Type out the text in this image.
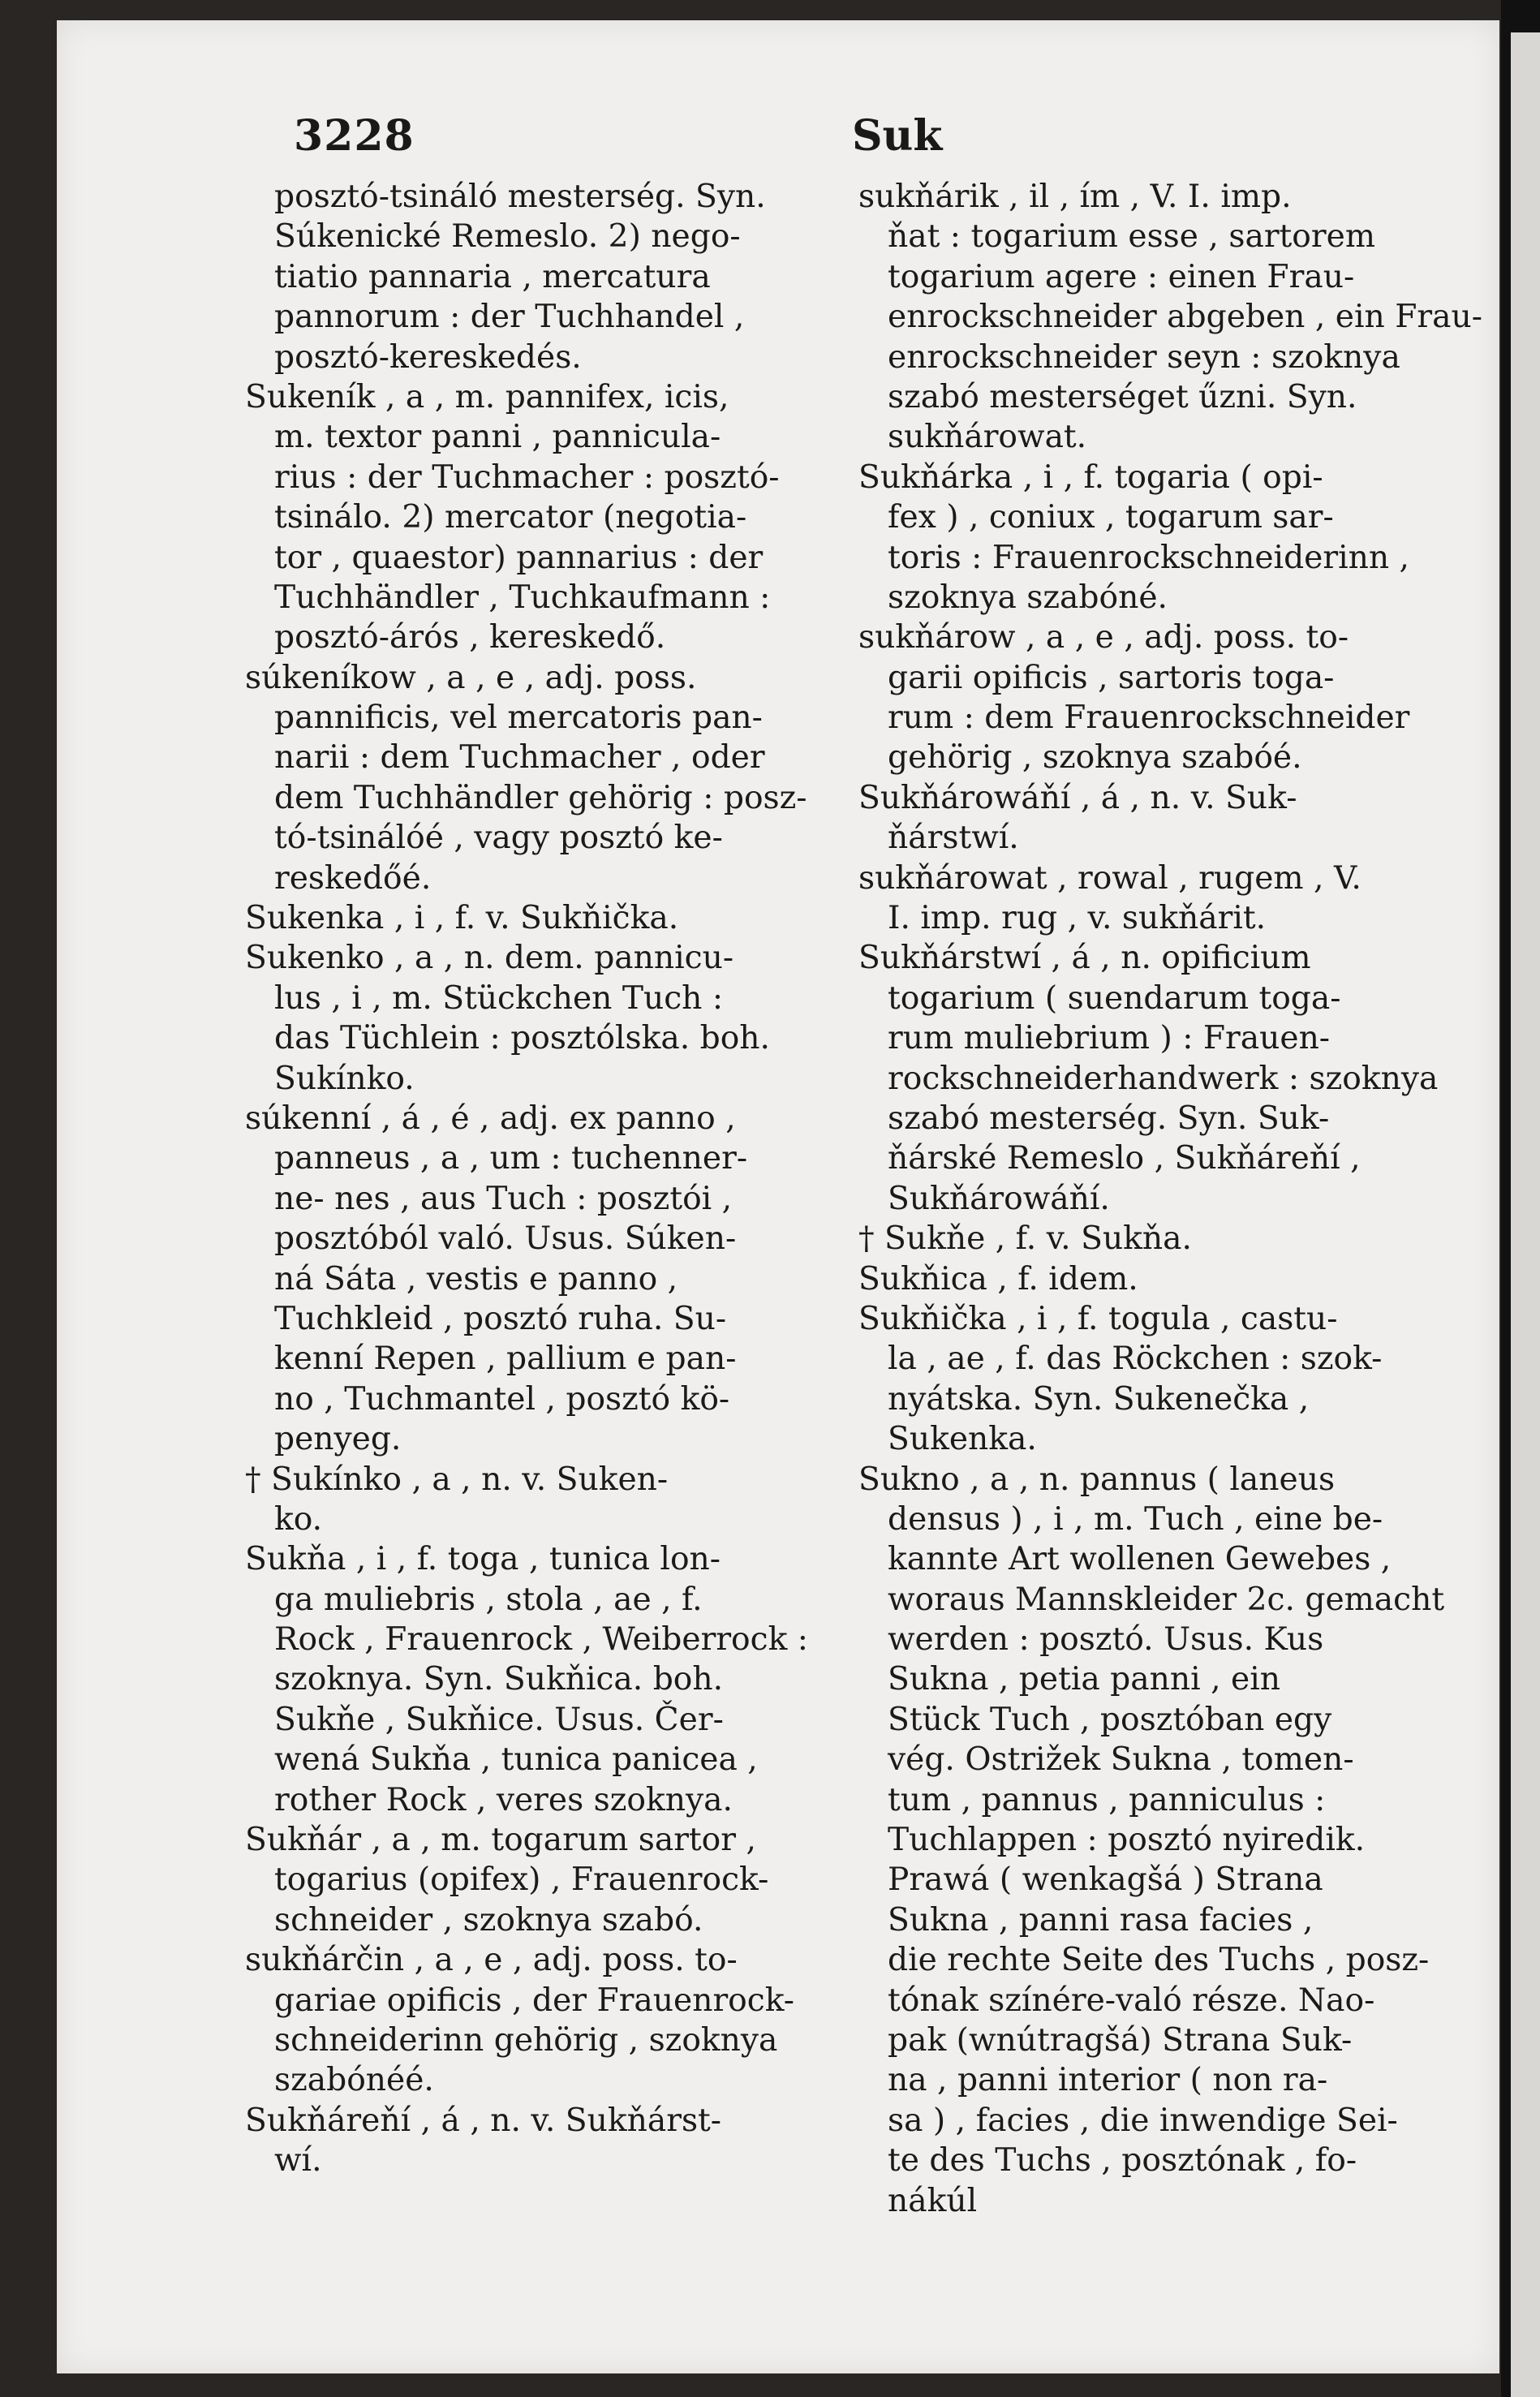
3228	Suk
posztó-tsináló mesterség. Syn.
Súkenické Remeslo. 2) nego-
tiatio pannaria , mercatura
pannorum : der Tuchhandel ,
posztó-kereskedés.
Sukeník , a , m. pannifex, icis,
m. textor panni , pannicula-
rius : der Tuchmacher : posztó-
tsinálo. 2) mercator (negotia-
tor , quaestor) pannarius : der
Tuchhändler , Tuchkaufmann :
posztó-árós , kereskedő.
súkeníkow , a , e , adj. poss.
pannificis, vel mercatoris pan-
narii : dem Tuchmacher , oder
dem Tuchhändler gehörig : posz-
tó-tsinálóé , vagy posztó ke-
reskedőé.
Sukenka , i , f. v. Sukňička.
Sukenko , a , n. dem. pannicu-
lus , i , m. Stückchen Tuch :
das Tüchlein : posztólska. boh.
Sukínko.
súkenní , á , é , adj. ex panno ,
panneus , a , um : tuchenner-
ne- nes , aus Tuch : posztói ,
posztóból való. Usus. Súken-
ná Sáta , vestis e panno ,
Tuchkleid , posztó ruha. Su-
kenní Repen , pallium e pan-
no , Tuchmantel , posztó kö-
penyeg.
† Sukínko , a , n. v. Suken-
ko.
Sukňa , i , f. toga , tunica lon-
ga muliebris , stola , ae , f.
Rock , Frauenrock , Weiberrock :
szoknya. Syn. Sukňica. boh.
Sukňe , Sukňice. Usus. Čer-
wená Sukňa , tunica panicea ,
rother Rock , veres szoknya.
Sukňár , a , m. togarum sartor ,
togarius (opifex) , Frauenrock-
schneider , szoknya szabó.
sukňárčin , a , e , adj. poss. to-
gariae opificis , der Frauenrock-
schneiderinn gehörig , szoknya
szabónéé.
Sukňáreňí , á , n. v. Sukňárst-
wí.
sukňárik , il , ím , V. I. imp.
ňat : togarium esse , sartorem
togarium agere : einen Frau-
enrockschneider abgeben , ein Frau-
enrockschneider seyn : szoknya
szabó mesterséget űzni. Syn.
sukňárowat.
Sukňárka , i , f. togaria ( opi-
fex ) , coniux , togarum sar-
toris : Frauenrockschneiderinn ,
szoknya szabóné.
sukňárow , a , e , adj. poss. to-
garii opificis , sartoris toga-
rum : dem Frauenrockschneider
gehörig , szoknya szabóé.
Sukňárowáňí , á , n. v. Suk-
ňárstwí.
sukňárowat , rowal , rugem , V.
I. imp. rug , v. sukňárit.
Sukňárstwí , á , n. opificium
togarium ( suendarum toga-
rum muliebrium ) : Frauen-
rockschneiderhandwerk : szoknya
szabó mesterség. Syn. Suk-
ňárské Remeslo , Sukňáreňí ,
Sukňárowáňí.
† Sukňe , f. v. Sukňa.
Sukňica , f. idem.
Sukňička , i , f. togula , castu-
la , ae , f. das Röckchen : szok-
nyátska. Syn. Sukenečka ,
Sukenka.
Sukno , a , n. pannus ( laneus
densus ) , i , m. Tuch , eine be-
kannte Art wollenen Gewebes ,
woraus Mannskleider 2c. gemacht
werden : posztó. Usus. Kus
Sukna , petia panni , ein
Stück Tuch , posztóban egy
vég. Ostrižek Sukna , tomen-
tum , pannus , panniculus :
Tuchlappen : posztó nyiredik.
Prawá ( wenkagšá ) Strana
Sukna , panni rasa facies ,
die rechte Seite des Tuchs , posz-
tónak színére-való része. Nao-
pak (wnútragšá) Strana Suk-
na , panni interior ( non ra-
sa ) , facies , die inwendige Sei-
te des Tuchs , posztónak , fo-
nákúl
